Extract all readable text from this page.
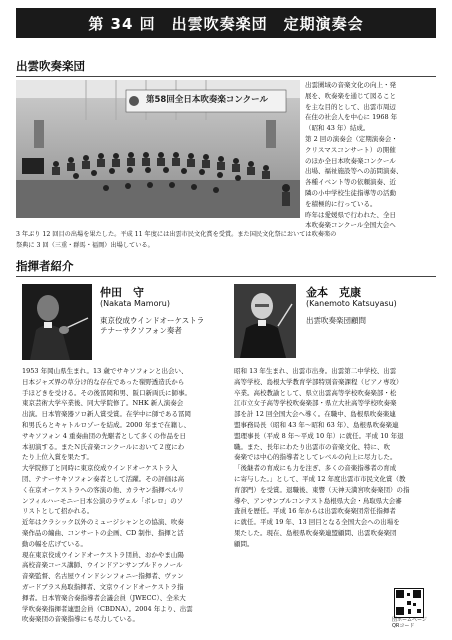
第 34 回　出雲吹奏楽団　定期演奏会
出雲吹奏楽団
第58回全日本吹奏楽コンクール
出雲圏域の音楽文化の向上・発
展を、吹奏楽を通じて図ること
を主な目的として、出雲市周辺
在住の社会人を中心に 1968 年
（昭和 43 年）結成。
第 2 回の演奏会（定期演奏会・
クリスマスコンサート）の開催
のほか全日本吹奏楽コンクール
出場、福祉施設等への訪問演奏、
各種イベント等の依頼演奏、近
隣の小中学校生徒指導等の活動
を積極的に行っている。
昨年は愛媛県で行われた、全日
本吹奏楽コンクール全国大会へ
3 年ぶり 12 回目の出場を果たした。平成 11 年度には出雲市民文化賞を受賞。また国民文化祭においては吹奏楽の
祭典に 3 回（三重・群馬・福岡）出場している。
指揮者紹介
仲田　守
(Nakata Mamoru)
東京佼成ウインドオーケストラ
テナーサクソフォン奏者
金本　克康
(Kanemoto Katsuyasu)
出雲吹奏楽団顧問
1953 年岡山県生まれ。13 歳でサキソフォンと出会い、
日本ジャズ界の草分け的な存在であった嶺野透造氏から
手ほどきを受ける。その後冨岡和男、阪口新両氏に師事。
東京芸術大学卒業後、同大学院修了。NHK 新人演奏会
出演。日本管楽器ソロ新人賞受賞。在学中に師である冨岡
和男氏らとキャトルロゾーを結成。2000 年まで在籍し、
サキソフォン 4 重奏曲団の先駆者として多くの作品を日
本初演する。またＮ氏音楽コンクールにおいて２度にわ
たり上位入賞を果たす。
大学院修了と同時に東京佼成ウインドオーケストラ入
団、テナーサキソフォン奏者として活躍。その評価は高
く在京オーケストラへの客演の他、カラヤン指揮ベルリ
ンフィルハーモニー日本公演のラヴェル「ボレロ」のソ
リストとして招かれる。
近年はクラシック以外のミュージシャンとの協演、吹奏
楽作品の編曲、コンサートの企画、CD 制作、指揮と活
動の幅を広げている。
現在東京佼成ウインドオーケストラ団員、おかやま山陽
高校音楽コース講師、ウインドアンサンブルドゥノール
音楽監督、名古屋ウインドシンフォニー指揮者、ヴァン
ガードブラス鳥取指揮者、文京ウインドオーケストラ指
揮者。日本管楽合奏指導者会議会員（JWECC）、全米大
学吹奏楽指揮者連盟会員（CBDNA）。2004 年より、出雲
吹奏楽団の音楽指導にも尽力している。
昭和 13 年生まれ、出雲市出身。出雲第二中学校、出雲
高等学校、島根大学教育学部特別音楽課程（ピアノ専攻）
卒業。高校教諭として、県立出雲高等学校吹奏楽部・松
江市立女子高等学校吹奏楽部・県立大社高等学校吹奏楽
部を計 12 回全国大会へ導く。在職中、島根県吹奏楽連
盟事務局長（昭和 43 年〜昭和 63 年）、島根県吹奏楽連
盟理事長（平成 8 年〜平成 10 年）に就任。平成 10 年退
職。また、長年にわたり出雲市の音楽文化、特に、吹
奏楽では中心的指導者としてレベルの向上に尽力した。
「後継者の育成にも力を注ぎ、多くの音楽指導者の育成
に寄与した。」として、平成 12 年度出雲市市民文化賞（教
育部門）を受賞。退職後、東響（天神天満宮吹奏楽団）の指
導や、アンサンブルコンテスト島根県大会・鳥取県大会審
査員を歴任。平成 16 年からは出雲吹奏楽団常任指揮者
に就任。平成 19 年、13 回目となる全国大会への出場を
果たした。現在、島根県吹奏楽連盟顧問、出雲吹奏楽団
顧問。
団ホームページ
QRコード
